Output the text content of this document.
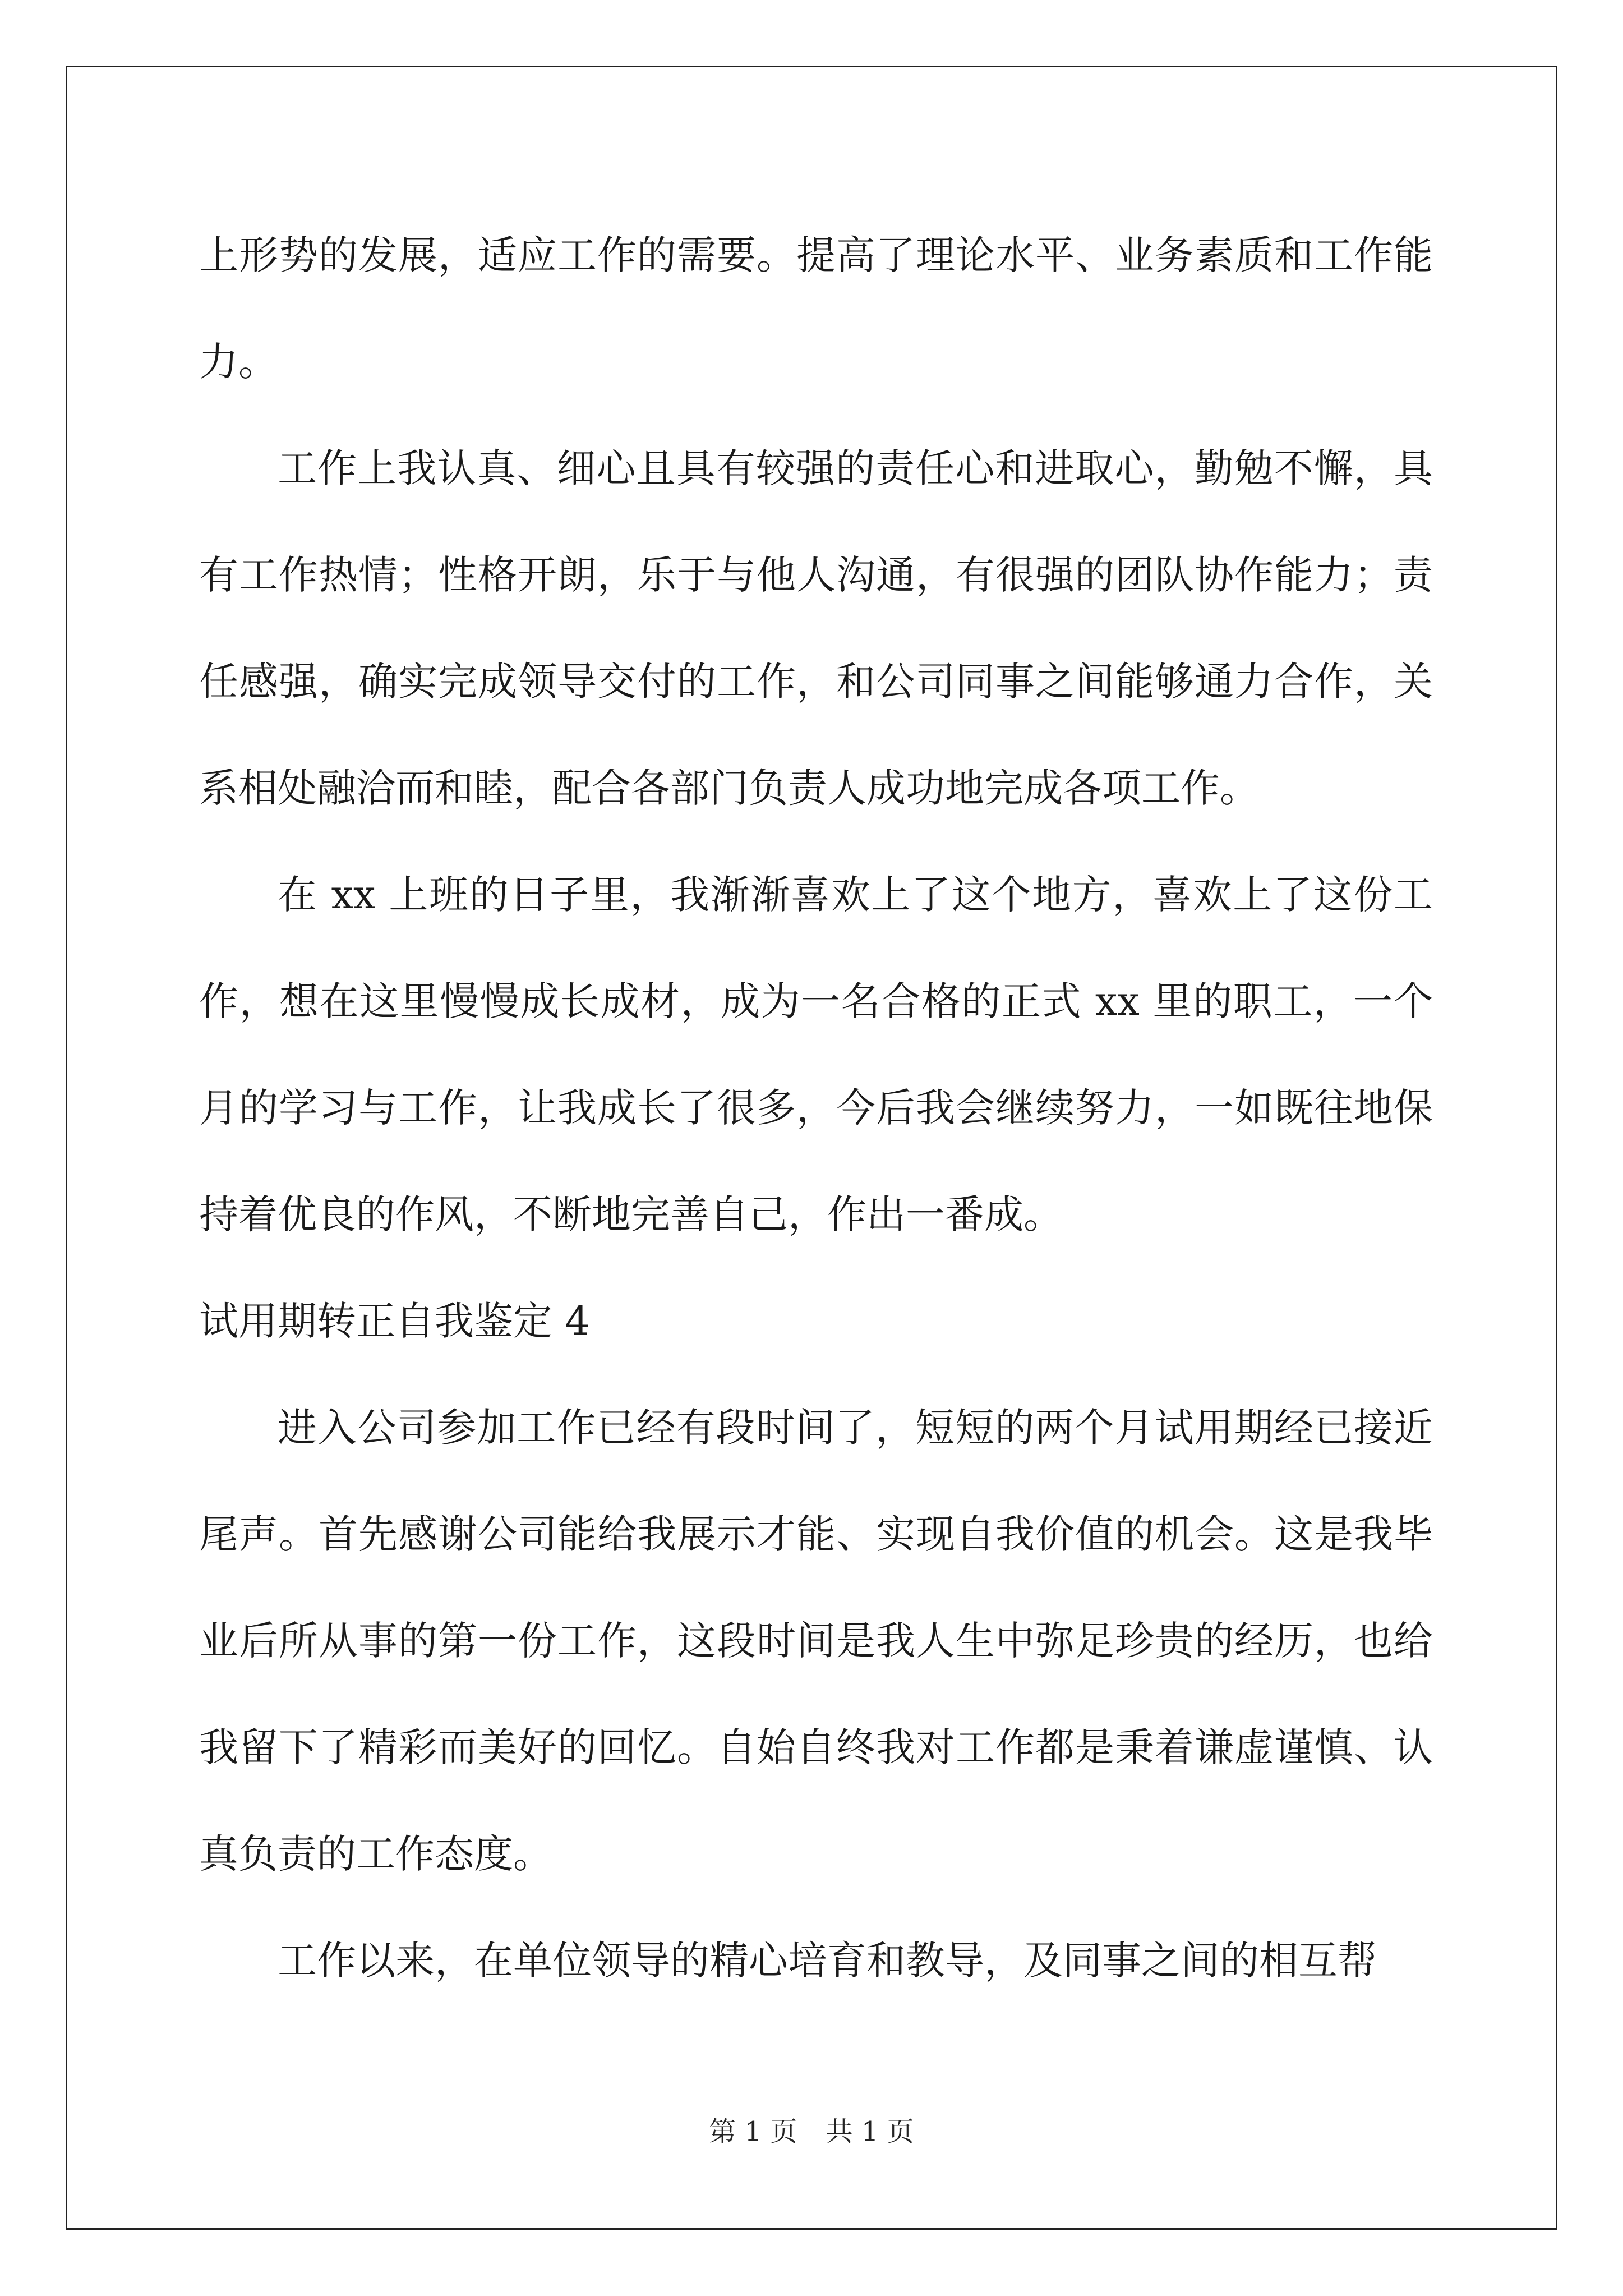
上形势的发展，适应工作的需要。提高了理论水平、业务素质和工作能力。

工作上我认真、细心且具有较强的责任心和进取心，勤勉不懈，具有工作热情；性格开朗，乐于与他人沟通，有很强的团队协作能力；责任感强，确实完成领导交付的工作，和公司同事之间能够通力合作，关系相处融洽而和睦，配合各部门负责人成功地完成各项工作。

在 xx 上班的日子里，我渐渐喜欢上了这个地方，喜欢上了这份工作，想在这里慢慢成长成材，成为一名合格的正式 xx 里的职工，一个月的学习与工作，让我成长了很多，今后我会继续努力，一如既往地保持着优良的作风，不断地完善自己，作出一番成。

试用期转正自我鉴定 4

进入公司参加工作已经有段时间了，短短的两个月试用期经已接近尾声。首先感谢公司能给我展示才能、实现自我价值的机会。这是我毕业后所从事的第一份工作，这段时间是我人生中弥足珍贵的经历，也给我留下了精彩而美好的回忆。自始自终我对工作都是秉着谦虚谨慎、认真负责的工作态度。

工作以来，在单位领导的精心培育和教导，及同事之间的相互帮

第 1 页 共 1 页
